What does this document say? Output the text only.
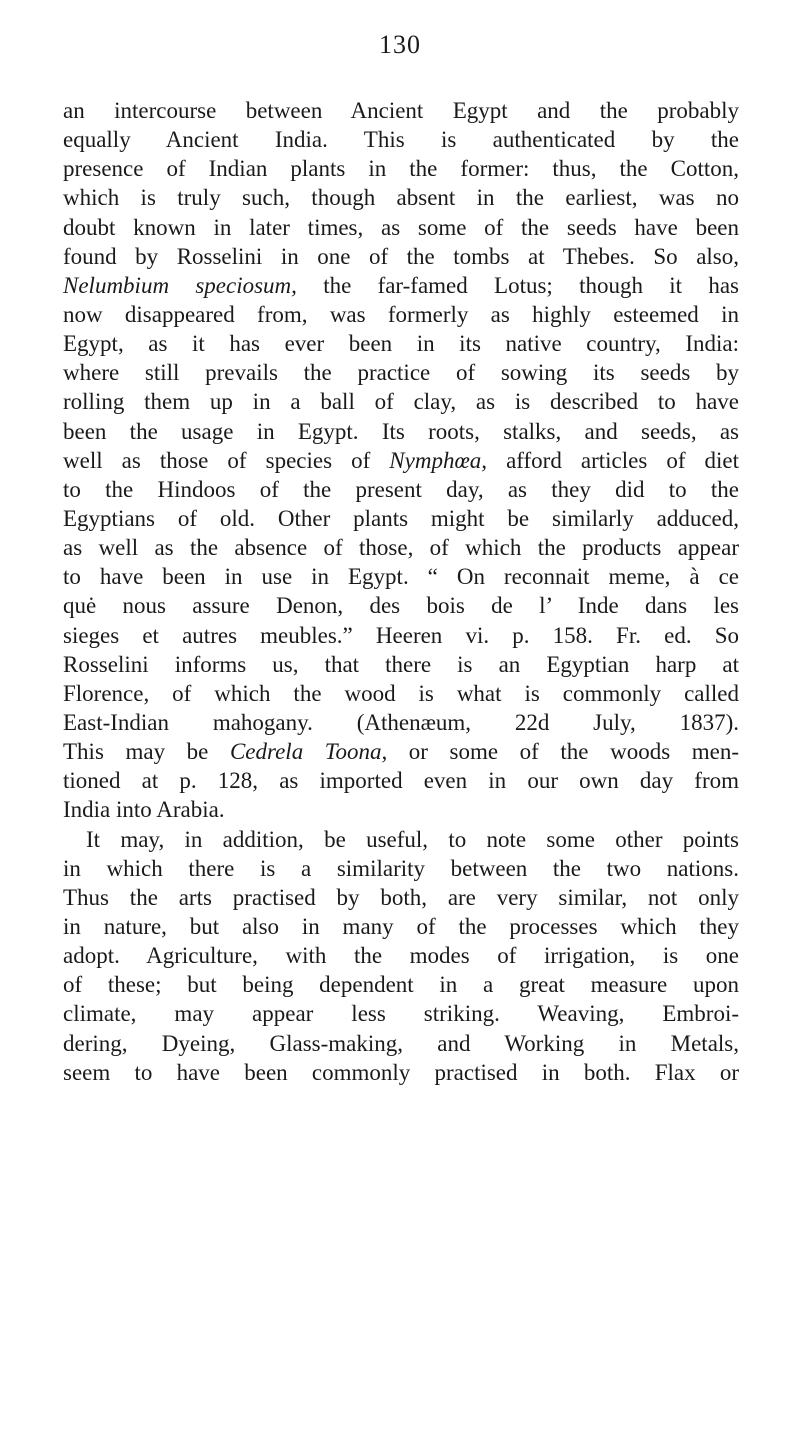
130
an intercourse between Ancient Egypt and the probably
equally Ancient India. This is authenticated by the
presence of Indian plants in the former: thus, the Cotton,
which is truly such, though absent in the earliest, was no
doubt known in later times, as some of the seeds have been
found by Rosselini in one of the tombs at Thebes. So also,
Nelumbium speciosum, the far-famed Lotus; though it has
now disappeared from, was formerly as highly esteemed in
Egypt, as it has ever been in its native country, India:
where still prevails the practice of sowing its seeds by
rolling them up in a ball of clay, as is described to have
been the usage in Egypt. Its roots, stalks, and seeds, as
well as those of species of Nymphœa, afford articles of diet
to the Hindoos of the present day, as they did to the
Egyptians of old. Other plants might be similarly adduced,
as well as the absence of those, of which the products appear
to have been in use in Egypt. “ On reconnait meme, à ce
quė nous assure Denon, des bois de l’ Inde dans les
sieges et autres meubles.” Heeren vi. p. 158. Fr. ed. So
Rosselini informs us, that there is an Egyptian harp at
Florence, of which the wood is what is commonly called
East-Indian mahogany. (Athenæum, 22d July, 1837).
This may be Cedrela Toona, or some of the woods men-
tioned at p. 128, as imported even in our own day from
India into Arabia.
It may, in addition, be useful, to note some other points
in which there is a similarity between the two nations.
Thus the arts practised by both, are very similar, not only
in nature, but also in many of the processes which they
adopt. Agriculture, with the modes of irrigation, is one
of these; but being dependent in a great measure upon
climate, may appear less striking. Weaving, Embroi-
dering, Dyeing, Glass-making, and Working in Metals,
seem to have been commonly practised in both. Flax or
